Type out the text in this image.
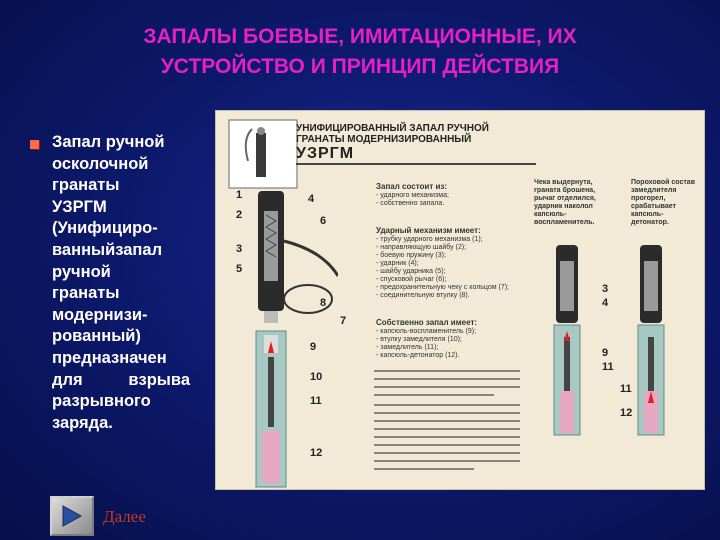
ЗАПАЛЫ БОЕВЫЕ, ИМИТАЦИОННЫЕ, ИХ
УСТРОЙСТВО И ПРИНЦИП ДЕЙСТВИЯ

Запал ручной
осколочной
гранаты
УЗРГМ
(Унифициро-
ванныйзапал
ручной
гранаты
модернизи-
рованный)
предназначен
для	взрыва
разрывного
заряда.

Далее
УНИФИЦИРОВАННЫЙ ЗАПАЛ РУЧНОЙ
ГРАНАТЫ МОДЕРНИЗИРОВАННЫЙ
УЗРГМ
1	4
2	6
3
5
8
7
9
10
11
12
Запал состоит из:
- ударного механизма;
- собственно запала.
Чека выдернута, граната брошена, рычаг отделился, ударник наколол капсюль-воспламенитель.
Пороховой состав замедлителя прогорел, срабатывает капсюль-детонатор.
Ударный механизм имеет:
- трубку ударного механизма (1);
- направляющую шайбу (2);
- боевую пружину (3);
- ударник (4);
- шайбу ударника (5);
- спусковой рычаг (6);
- предохранительную чеку с кольцом (7);
- соединительную втулку (8).
Собственно запал имеет:
- капсюль-воспламенитель (9);
- втулку замедлителя (10);
- замедлитель (11);
- капсюль-детонатор (12).
3
4
9
11
11
12
